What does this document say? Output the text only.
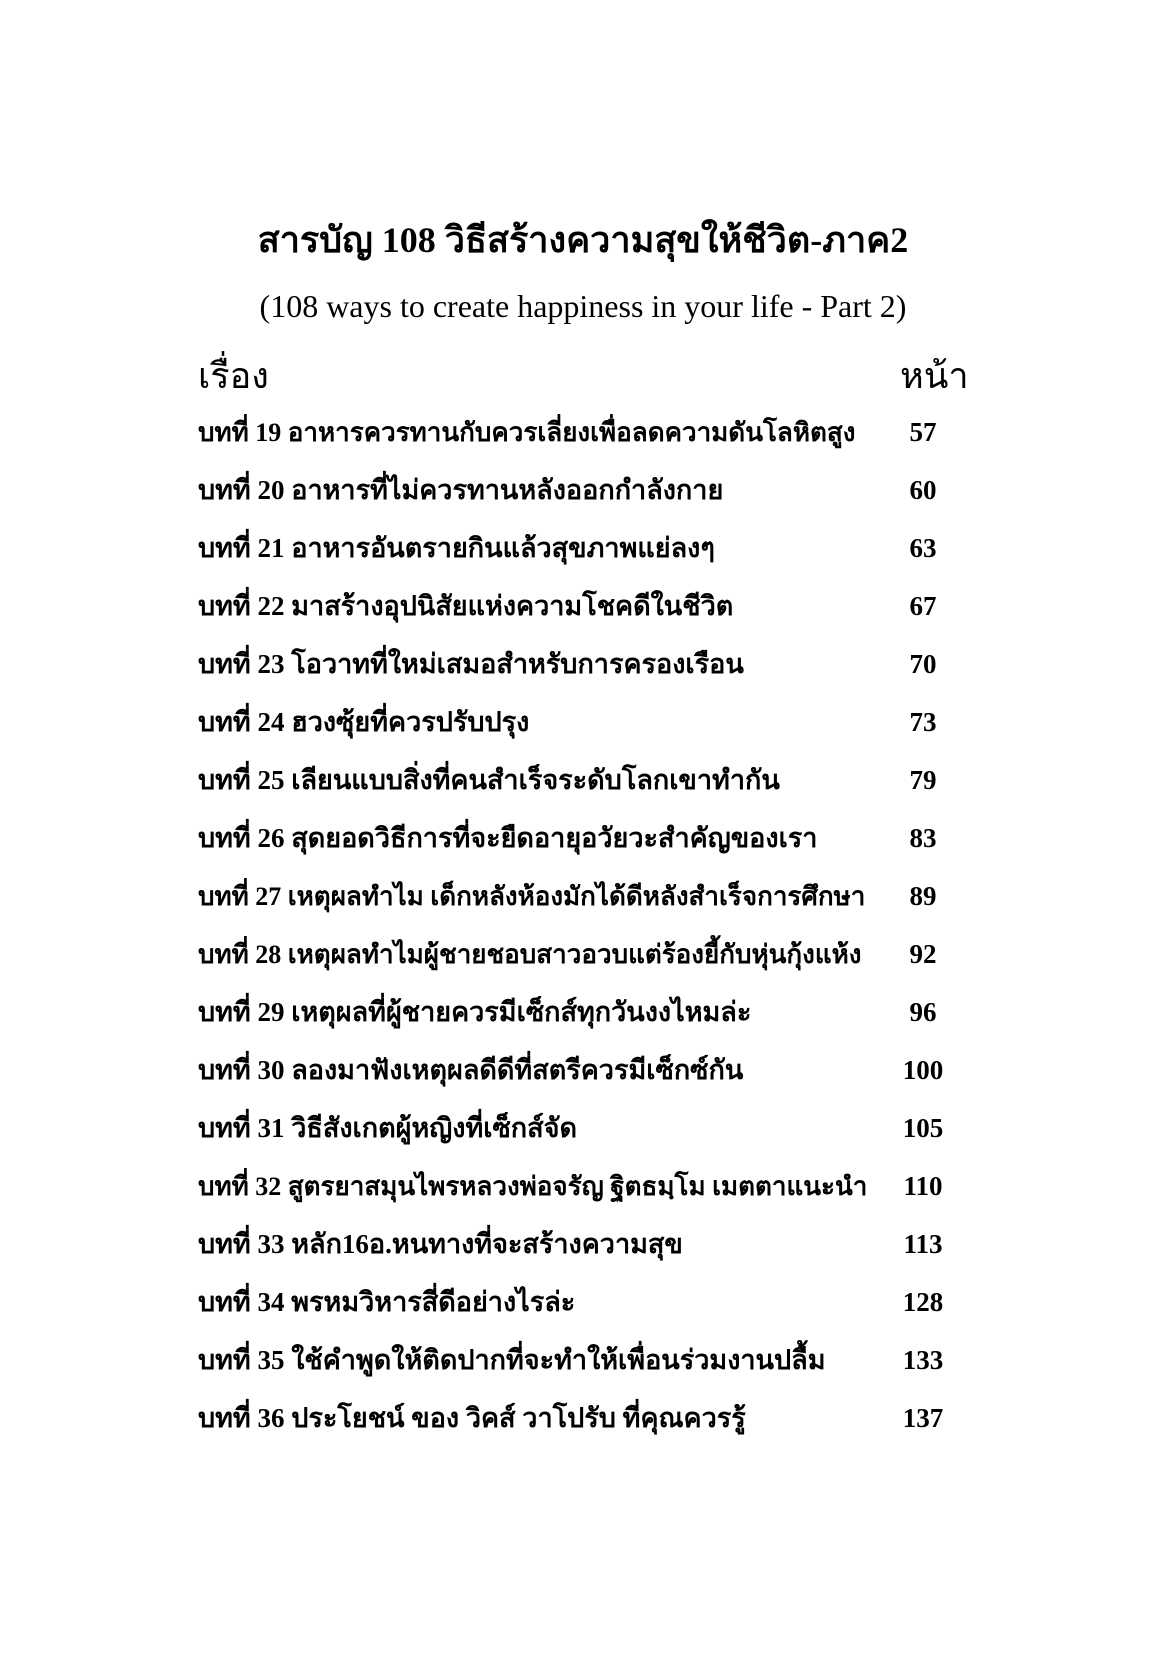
สารบัญ 108 วิธีสร้างความสุขให้ชีวิต-ภาค2
(108 ways to create happiness in your life - Part 2)
เรื่อง	หน้า
บทที่ 19 อาหารควรทานกับควรเลี่ยงเพื่อลดความดันโลหิตสูง	57
บทที่ 20 อาหารที่ไม่ควรทานหลังออกกำลังกาย	60
บทที่ 21 อาหารอันตรายกินแล้วสุขภาพแย่ลงๆ	63
บทที่ 22 มาสร้างอุปนิสัยแห่งความโชคดีในชีวิต	67
บทที่ 23 โอวาทที่ใหม่เสมอสำหรับการครองเรือน	70
บทที่ 24 ฮวงซุ้ยที่ควรปรับปรุง	73
บทที่ 25 เลียนแบบสิ่งที่คนสำเร็จระดับโลกเขาทำกัน	79
บทที่ 26 สุดยอดวิธีการที่จะยืดอายุอวัยวะสำคัญของเรา	83
บทที่ 27 เหตุผลทำไม เด็กหลังห้องมักได้ดีหลังสำเร็จการศึกษา	89
บทที่ 28 เหตุผลทำไมผู้ชายชอบสาวอวบแต่ร้องยี้กับหุ่นกุ้งแห้ง	92
บทที่ 29 เหตุผลที่ผู้ชายควรมีเซ็กส์ทุกวันงงไหมล่ะ	96
บทที่ 30 ลองมาฟังเหตุผลดีดีที่สตรีควรมีเซ็กซ์กัน	100
บทที่ 31 วิธีสังเกตผู้หญิงที่เซ็กส์จัด	105
บทที่ 32 สูตรยาสมุนไพรหลวงพ่อจรัญ ฐิตธมฺโม เมตตาแนะนำ	110
บทที่ 33 หลัก16อ.หนทางที่จะสร้างความสุข	113
บทที่ 34 พรหมวิหารสี่ดีอย่างไรล่ะ	128
บทที่ 35 ใช้คำพูดให้ติดปากที่จะทำให้เพื่อนร่วมงานปลื้ม	133
บทที่ 36 ประโยชน์ ของ วิคส์ วาโปรับ ที่คุณควรรู้	137
